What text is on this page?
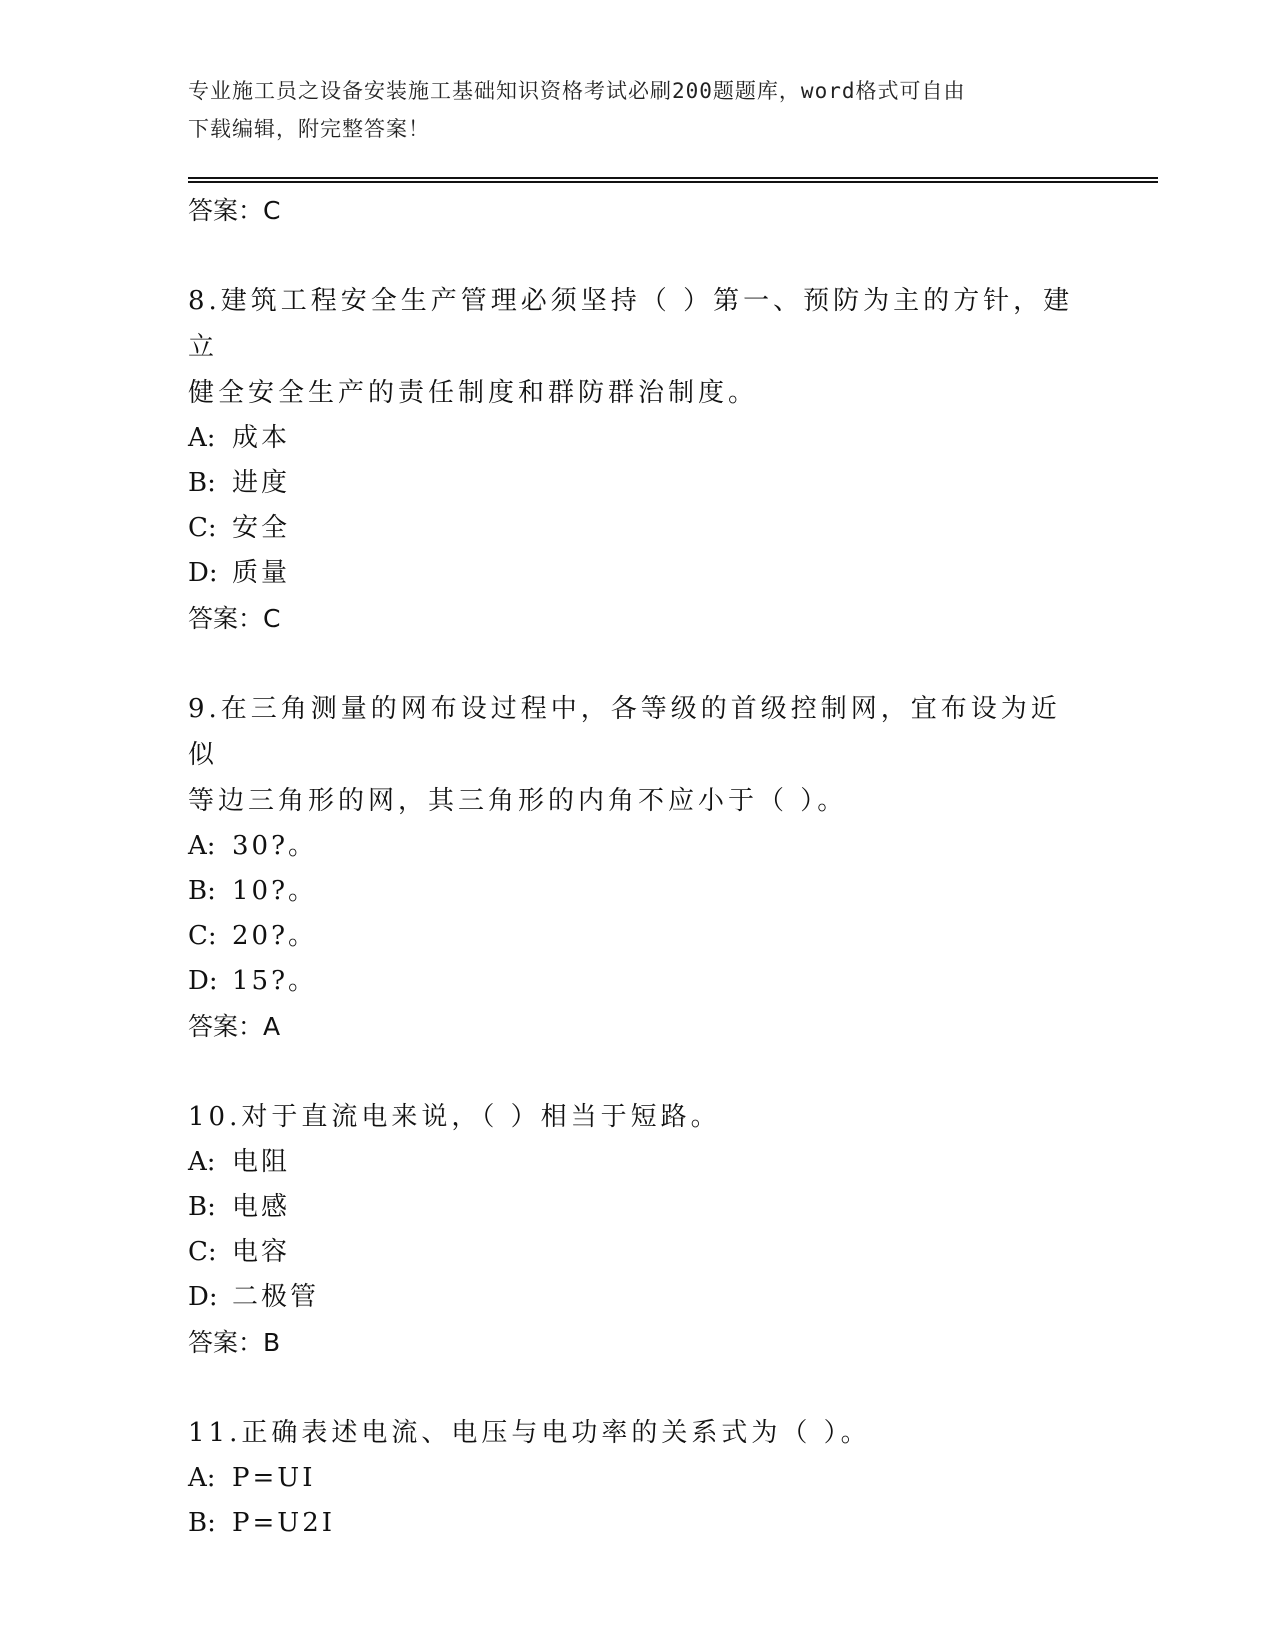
专业施工员之设备安装施工基础知识资格考试必刷200题题库，word格式可自由
下载编辑，附完整答案！
答案：C
8.建筑工程安全生产管理必须坚持（ ）第一、预防为主的方针，建立
健全安全生产的责任制度和群防群治制度。
A: 成本
B: 进度
C: 安全
D: 质量
答案：C
9.在三角测量的网布设过程中，各等级的首级控制网，宜布设为近似
等边三角形的网，其三角形的内角不应小于（ ）。
A: 30?。
B: 10?。
C: 20?。
D: 15?。
答案：A
10.对于直流电来说，（ ）相当于短路。
A: 电阻
B: 电感
C: 电容
D: 二极管
答案：B
11.正确表述电流、电压与电功率的关系式为（ ）。
A: P=UI
B: P=U2I
